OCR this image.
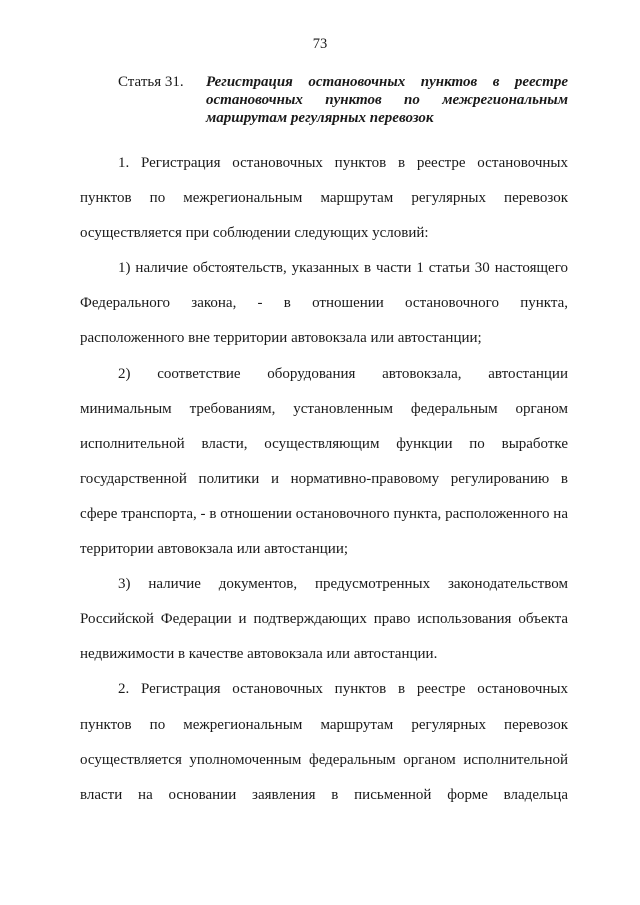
73
Статья 31. Регистрация остановочных пунктов в реестре остановочных пунктов по межрегиональным маршрутам регулярных перевозок

1. Регистрация остановочных пунктов в реестре остановочных пунктов по межрегиональным маршрутам регулярных перевозок осуществляется при соблюдении следующих условий:

1) наличие обстоятельств, указанных в части 1 статьи 30 настоящего Федерального закона, - в отношении остановочного пункта, расположенного вне территории автовокзала или автостанции;

2) соответствие оборудования автовокзала, автостанции минимальным требованиям, установленным федеральным органом исполнительной власти, осуществляющим функции по выработке государственной политики и нормативно-правовому регулированию в сфере транспорта, - в отношении остановочного пункта, расположенного на территории автовокзала или автостанции;

3) наличие документов, предусмотренных законодательством Российской Федерации и подтверждающих право использования объекта недвижимости в качестве автовокзала или автостанции.

2. Регистрация остановочных пунктов в реестре остановочных пунктов по межрегиональным маршрутам регулярных перевозок осуществляется уполномоченным федеральным органом исполнительной власти на основании заявления в письменной форме владельца
